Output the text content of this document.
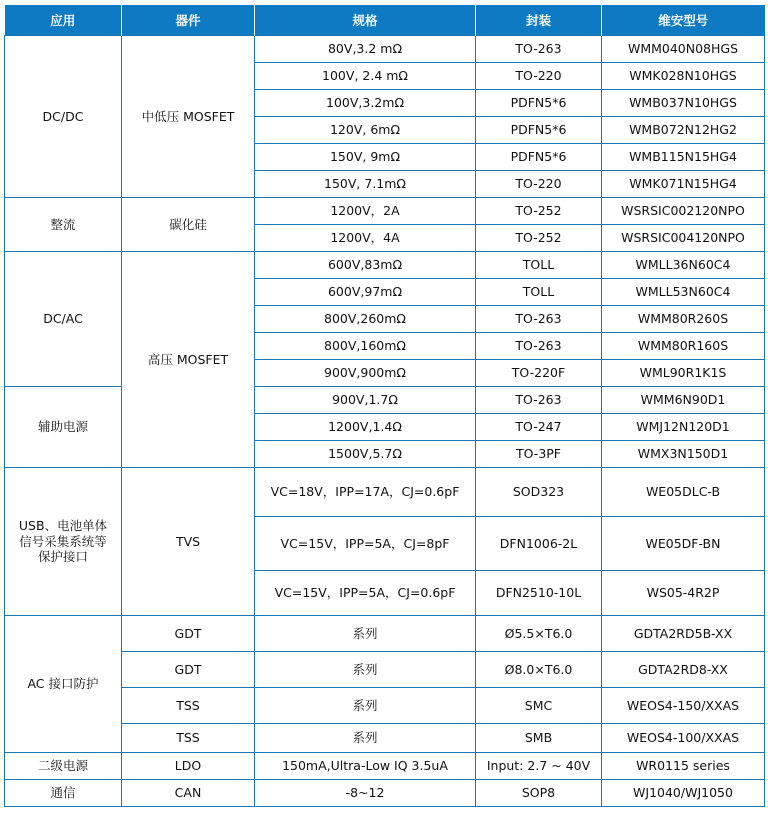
应用	器件	规格	封装	维安型号
DC/DC	中低压 MOSFET	80V,3.2 mΩ	TO-263	WMM040N08HGS
		100V, 2.4 mΩ	TO-220	WMK028N10HGS
		100V,3.2mΩ	PDFN5*6	WMB037N10HGS
		120V, 6mΩ	PDFN5*6	WMB072N12HG2
		150V, 9mΩ	PDFN5*6	WMB115N15HG4
		150V, 7.1mΩ	TO-220	WMK071N15HG4
整流	碳化硅	1200V，2A	TO-252	WSRSIC002120NPO
		1200V，4A	TO-252	WSRSIC004120NPO
DC/AC	高压 MOSFET	600V,83mΩ	TOLL	WMLL36N60C4
		600V,97mΩ	TOLL	WMLL53N60C4
		800V,260mΩ	TO-263	WMM80R260S
		800V,160mΩ	TO-263	WMM80R160S
		900V,900mΩ	TO-220F	WML90R1K1S
辅助电源		900V,1.7Ω	TO-263	WMM6N90D1
		1200V,1.4Ω	TO-247	WMJ12N120D1
		1500V,5.7Ω	TO-3PF	WMX3N150D1

USB、电池单体
信号采集系统等
保护接口	TVS	VC=18V，IPP=17A，CJ=0.6pF	SOD323	WE05DLC-B
		VC=15V，IPP=5A，CJ=8pF	DFN1006-2L	WE05DF-BN
		VC=15V，IPP=5A，CJ=0.6pF	DFN2510-10L	WS05-4R2P
AC 接口防护	GDT	系列	Ø5.5×T6.0	GDTA2RD5B-XX
	GDT	系列	Ø8.0×T6.0	GDTA2RD8-XX
	TSS	系列	SMC	WEOS4-150/XXAS
	TSS	系列	SMB	WEOS4-100/XXAS
二级电源	LDO	150mA,Ultra-Low IQ 3.5uA	Input: 2.7 ~ 40V	WR0115 series
通信	CAN	-8~12	SOP8	WJ1040/WJ1050
